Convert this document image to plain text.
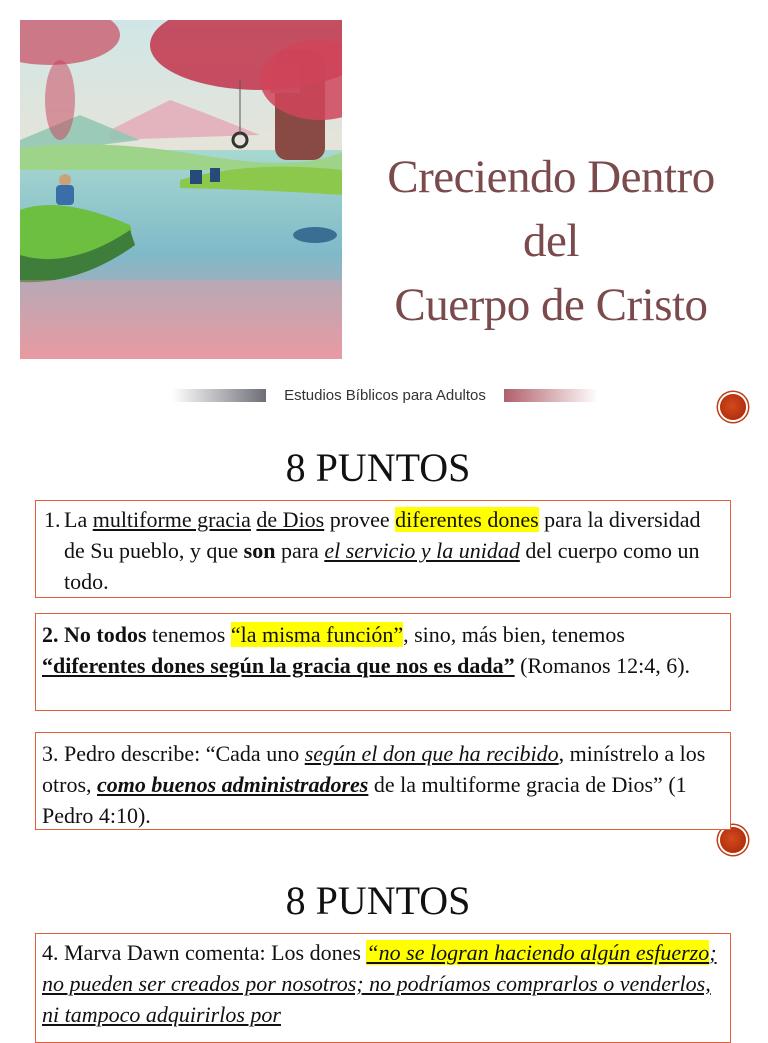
Creciendo Dentro del
Cuerpo de Cristo
Estudios Bíblicos para Adultos
8 PUNTOS
1. La multiforme gracia de Dios provee diferentes dones para la diversidad de Su pueblo, y que son para el servicio y la unidad del cuerpo como un todo.
2. No todos tenemos “la misma función”, sino, más bien, tenemos “diferentes dones según la gracia que nos es dada” (Romanos 12:4, 6).
3. Pedro describe: “Cada uno según el don que ha recibido, minístrelo a los otros, como buenos administradores de la multiforme gracia de Dios” (1 Pedro 4:10).
8 PUNTOS
4. Marva Dawn comenta: Los dones “no se logran haciendo algún esfuerzo; no pueden ser creados por nosotros; no podríamos comprarlos o venderlos, ni tampoco adquirirlos por
